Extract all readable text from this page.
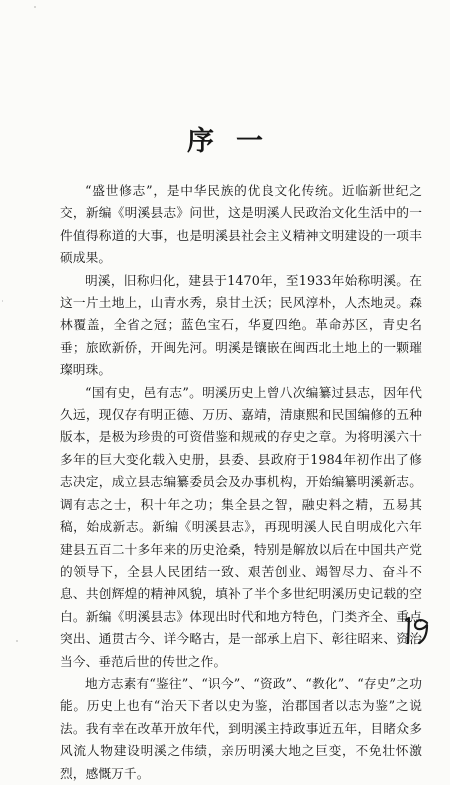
序一

“盛世修志”，是中华民族的优良文化传统。近临新世纪之交，新编《明溪县志》问世，这是明溪人民政治文化生活中的一件值得称道的大事，也是明溪县社会主义精神文明建设的一项丰硕成果。

明溪，旧称归化，建县于1470年，至1933年始称明溪。在这一片土地上，山青水秀，泉甘土沃；民风淳朴，人杰地灵。森林覆盖，全省之冠；蓝色宝石，华夏四绝。革命苏区，青史名垂；旅欧新侨，开闽先河。明溪是镶嵌在闽西北土地上的一颗璀璨明珠。

“国有史，邑有志”。明溪历史上曾八次编纂过县志，因年代久远，现仅存有明正德、万历、嘉靖，清康熙和民国编修的五种版本，是极为珍贵的可资借鉴和规戒的存史之章。为将明溪六十多年的巨大变化载入史册，县委、县政府于1984年初作出了修志决定，成立县志编纂委员会及办事机构，开始编纂明溪新志。调有志之士，积十年之功；集全县之智，融史料之精，五易其稿，始成新志。新编《明溪县志》，再现明溪人民自明成化六年建县五百二十多年来的历史沧桑，特别是解放以后在中国共产党的领导下，全县人民团结一致、艰苦创业、竭智尽力、奋斗不息、共创辉煌的精神风貌，填补了半个多世纪明溪历史记载的空白。新编《明溪县志》体现出时代和地方特色，门类齐全、重点突出、通贯古今、详今略古，是一部承上启下、彰往昭来、资治当今、垂范后世的传世之作。

地方志素有“鉴往”、“识今”、“资政”、“教化”、“存史”之功能。历史上也有“治天下者以史为鉴，治郡国者以志为鉴”之说法。我有幸在改革开放年代，到明溪主持政事近五年，目睹众多风流人物建设明溪之伟绩，亲历明溪大地之巨变，不免壮怀激烈，感慨万千。
